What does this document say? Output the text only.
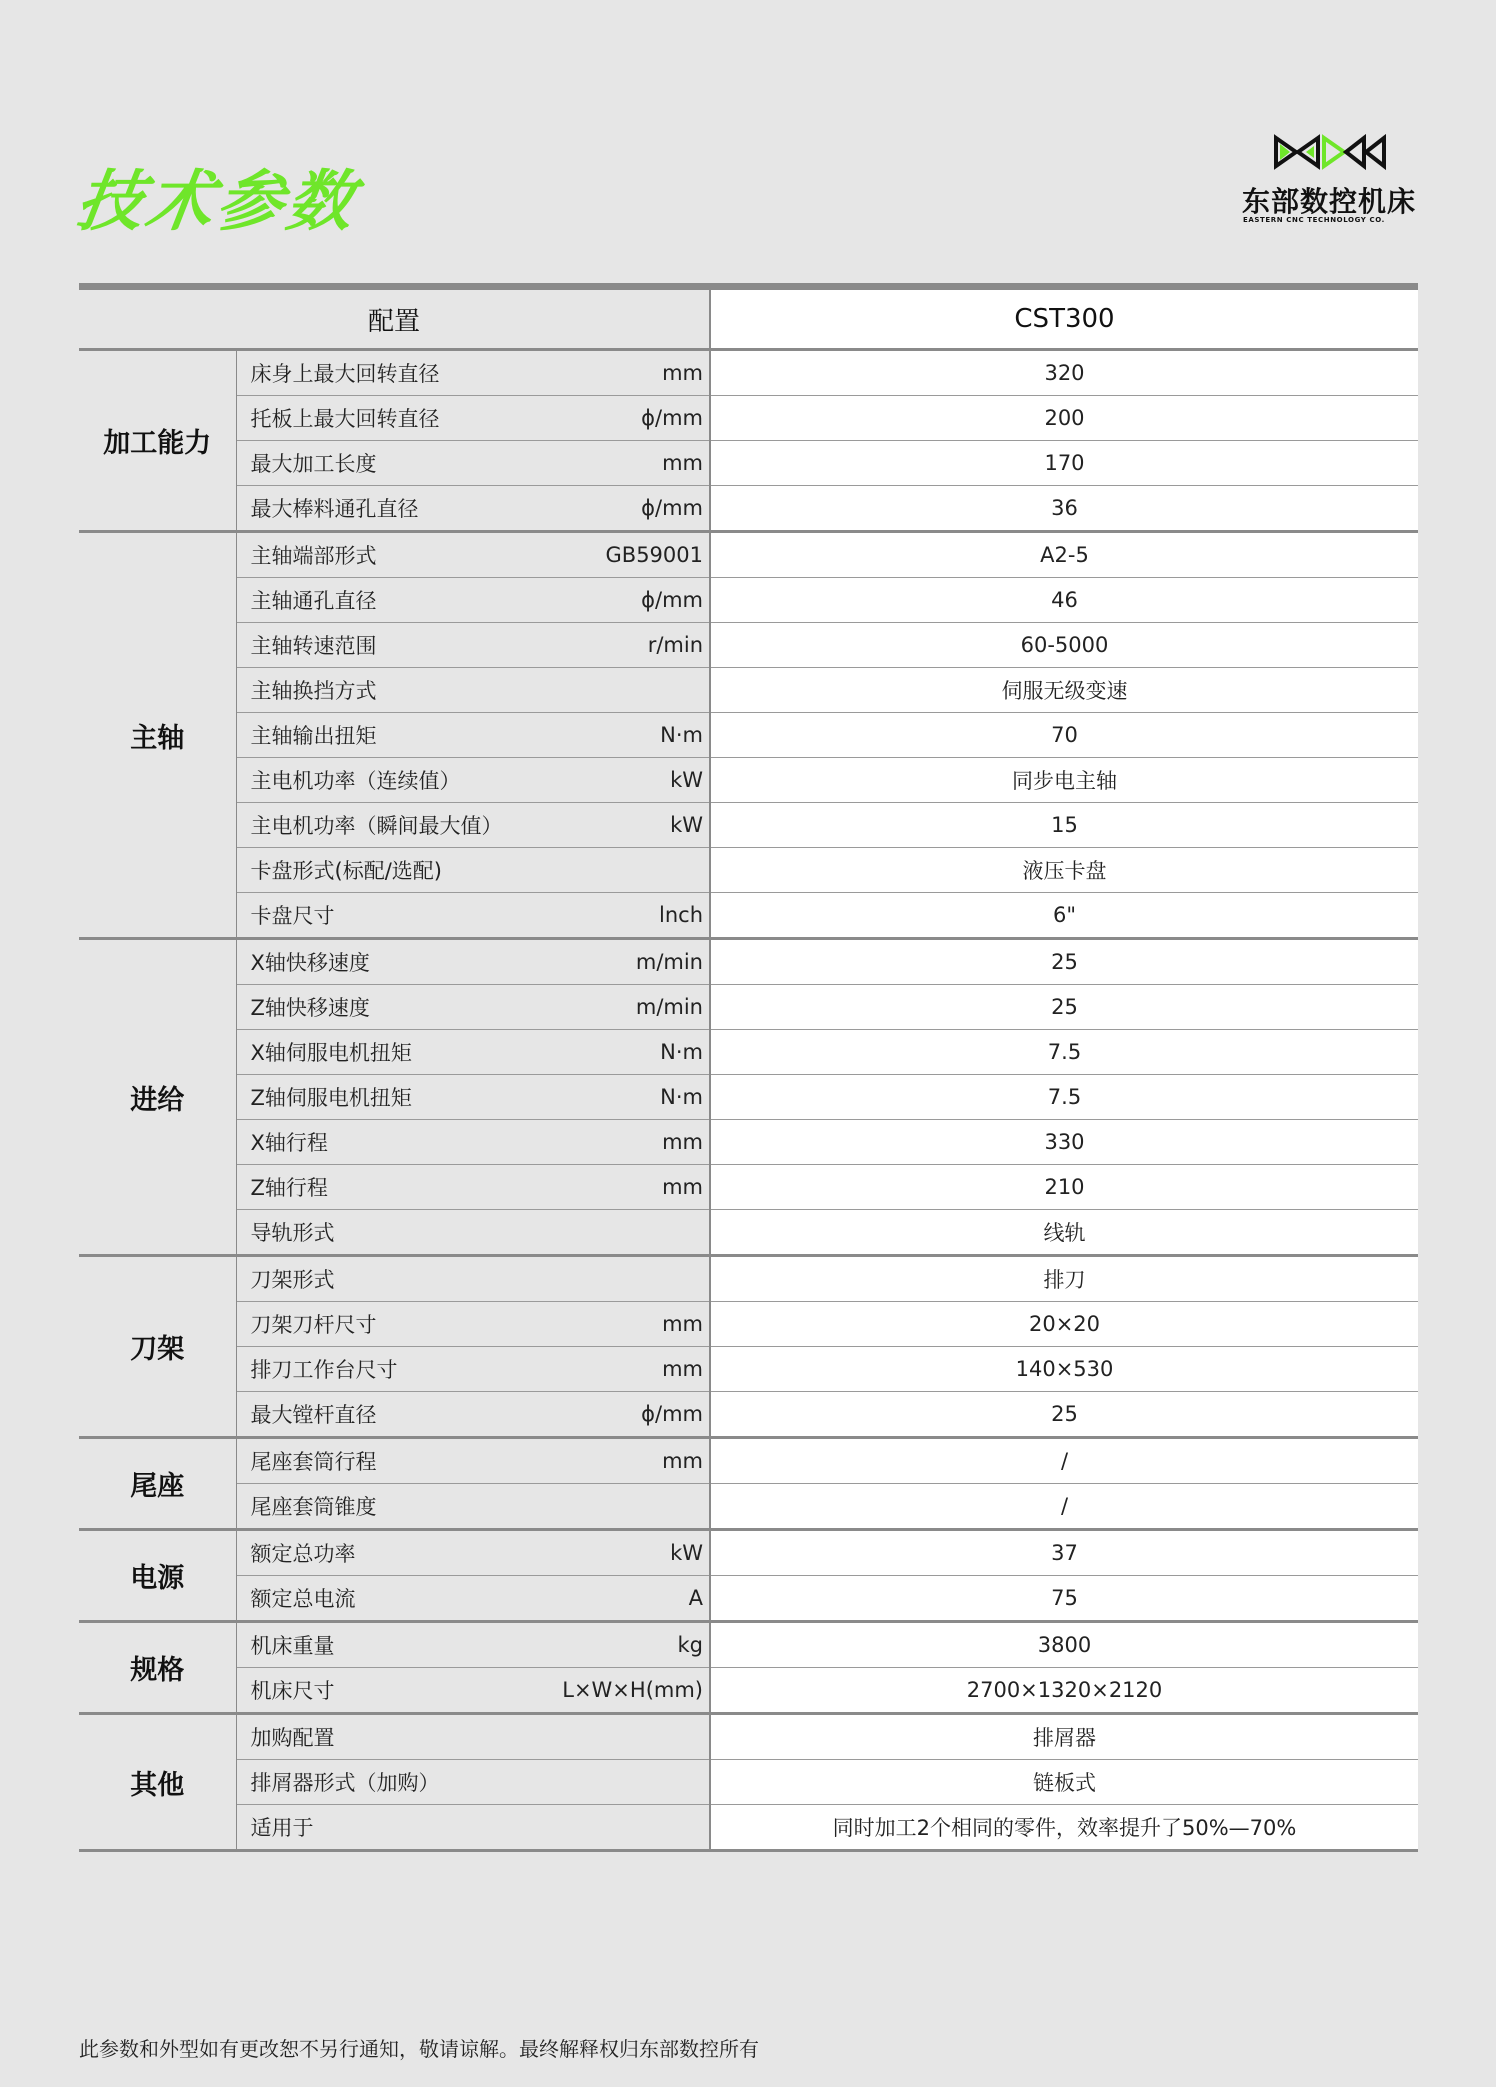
技术参数	东部数控机床
EASTERN CNC TECHNOLOGY CO.
配置			CST300
加工能力	床身上最大回转直径	mm	320
	托板上最大回转直径	ϕ/mm	200
	最大加工长度	mm	170
	最大棒料通孔直径	ϕ/mm	36
主轴	主轴端部形式	GB59001	A2-5
	主轴通孔直径	ϕ/mm	46
	主轴转速范围	r/min	60-5000
	主轴换挡方式		伺服无级变速
	主轴输出扭矩	N·m	70
	主电机功率（连续值）	kW	同步电主轴
	主电机功率（瞬间最大值）	kW	15
	卡盘形式(标配/选配)		液压卡盘
	卡盘尺寸	lnch	6"
进给	X轴快移速度	m/min	25
	Z轴快移速度	m/min	25
	X轴伺服电机扭矩	N·m	7.5
	Z轴伺服电机扭矩	N·m	7.5
	X轴行程	mm	330
	Z轴行程	mm	210
	导轨形式		线轨
刀架	刀架形式		排刀
	刀架刀杆尺寸	mm	20×20
	排刀工作台尺寸	mm	140×530
	最大镗杆直径	ϕ/mm	25
尾座	尾座套筒行程	mm	/
	尾座套筒锥度		/
电源	额定总功率	kW	37
	额定总电流	A	75
规格	机床重量	kg	3800
	机床尺寸	L×W×H(mm)	2700×1320×2120
其他	加购配置		排屑器
	排屑器形式（加购）		链板式
	适用于		同时加工2个相同的零件，效率提升了50%—70%
此参数和外型如有更改恕不另行通知，敬请谅解。最终解释权归东部数控所有
